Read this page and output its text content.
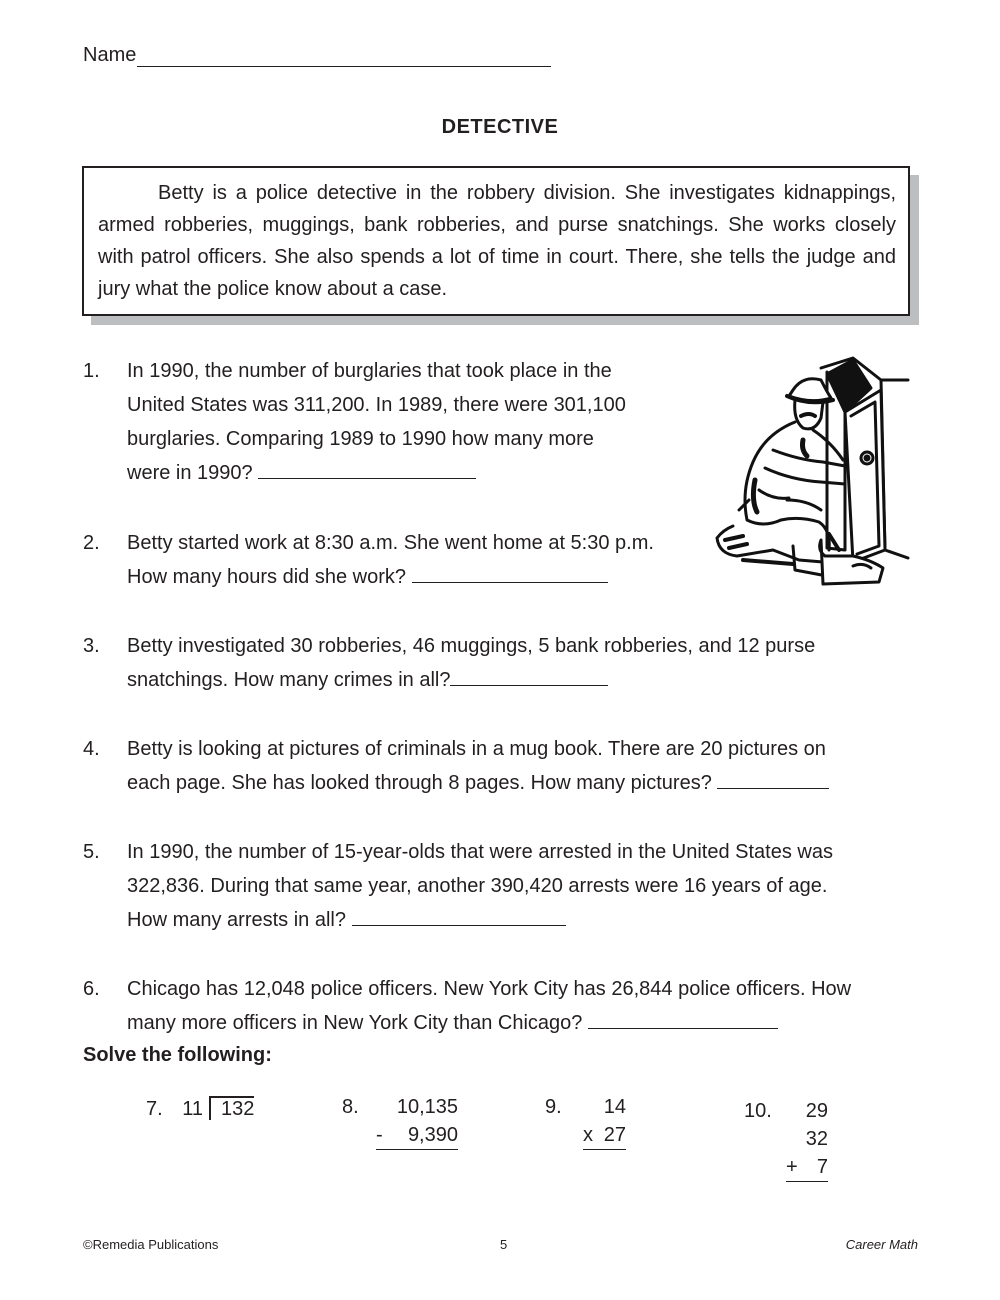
Name
DETECTIVE
Betty is a police detective in the robbery division. She investigates kidnappings, armed robberies, muggings, bank robberies, and purse snatchings. She works closely with patrol officers. She also spends a lot of time in court. There, she tells the judge and jury what the police know about a case.
1. In 1990, the number of burglaries that took place in the
United States was 311,200. In 1989, there were 301,100
burglaries. Comparing 1989 to 1990 how many more
were in 1990?
2. Betty started work at 8:30 a.m. She went home at 5:30 p.m.
How many hours did she work?
3. Betty investigated 30 robberies, 46 muggings, 5 bank robberies, and 12 purse
snatchings. How many crimes in all?
4. Betty is looking at pictures of criminals in a mug book. There are 20 pictures on
each page. She has looked through 8 pages. How many pictures?
5. In 1990, the number of 15-year-olds that were arrested in the United States was
322,836. During that same year, another 390,420 arrests were 16 years of age.
How many arrests in all?
6. Chicago has 12,048 police officers. New York City has 26,844 police officers. How
many more officers in New York City than Chicago?
Solve the following:
7. 11 132	8.	10,135
- 9,390
9.	14
x 27
10.	29
32
+ 7
©Remedia Publications	5	Career Math
